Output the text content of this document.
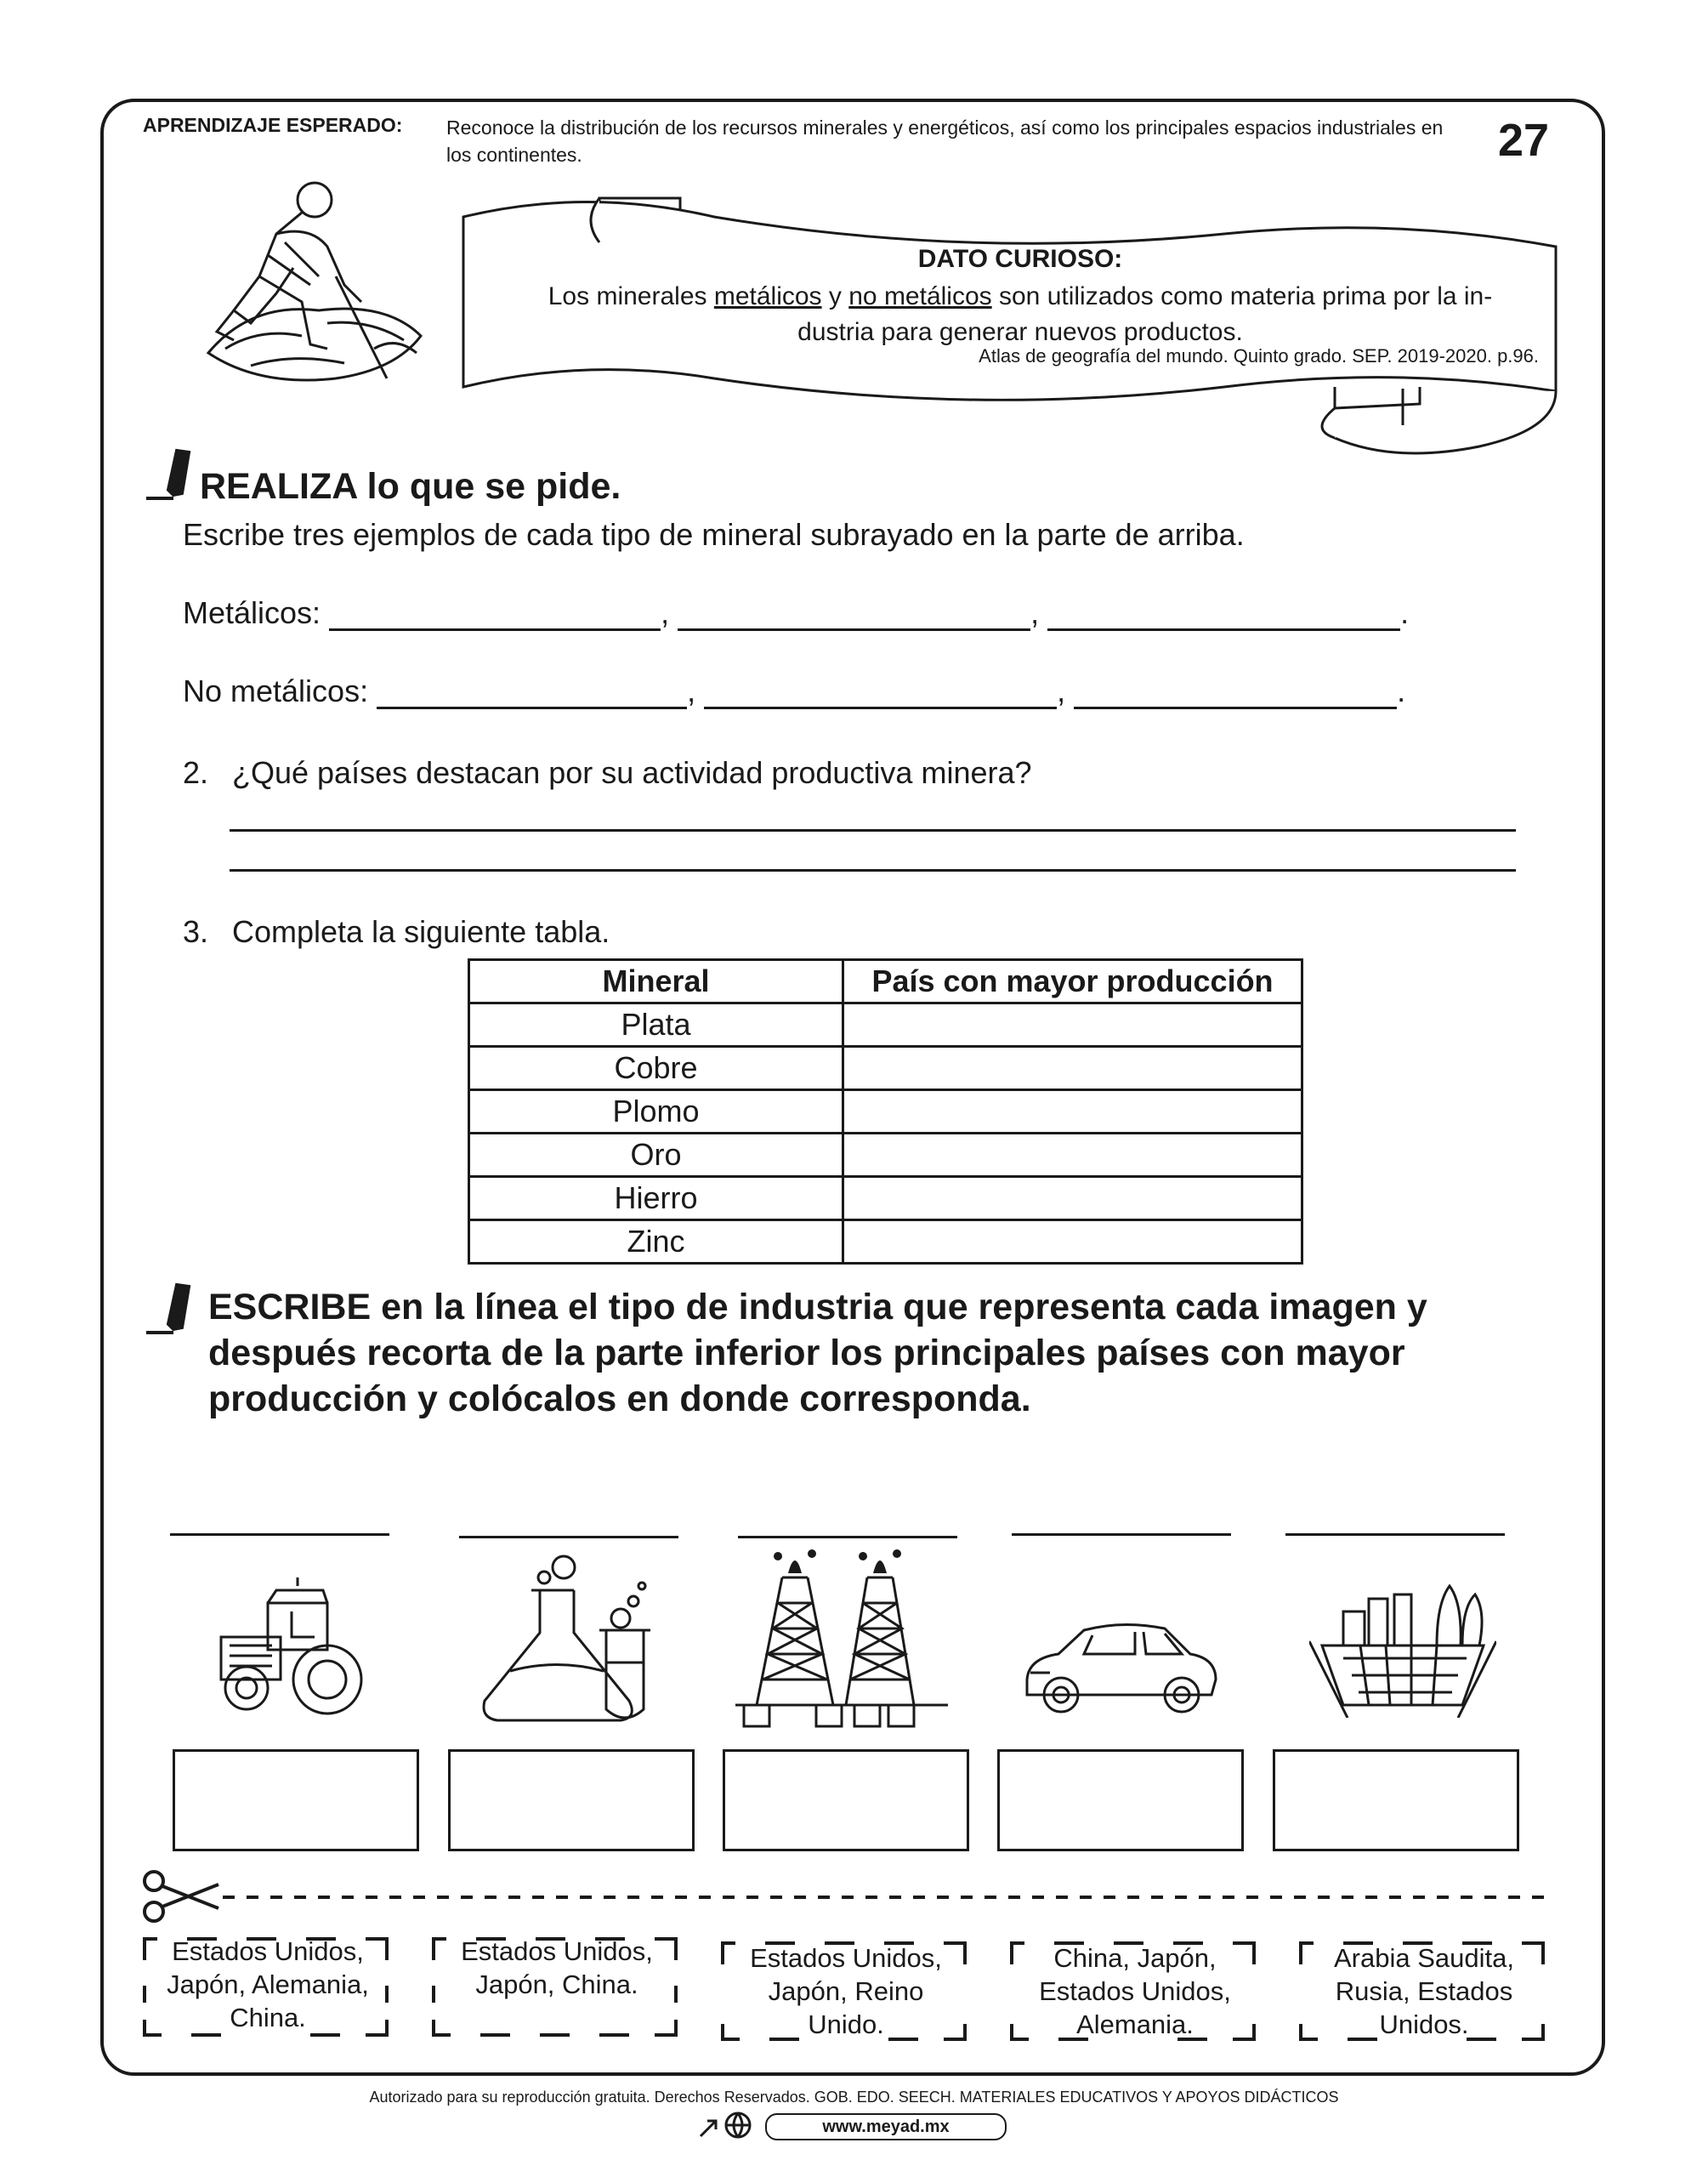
APRENDIZAJE ESPERADO: Reconoce la distribución de los recursos minerales y energéticos, así como los principales espacios industriales en los continentes.	27
DATO CURIOSO:
Los minerales metálicos y no metálicos son utilizados como materia prima por la in-
dustria para generar nuevos productos.
Atlas de geografía del mundo. Quinto grado. SEP. 2019-2020. p.96.
REALIZA lo que se pide.
Escribe tres ejemplos de cada tipo de mineral subrayado en la parte de arriba.
Metálicos:	,	,	.
No metálicos:	,	,	.
2. ¿Qué países destacan por su actividad productiva minera?
3. Completa la siguiente tabla.
Mineral	País con mayor producción
Plata	
Cobre	
Plomo	
Oro	
Hierro	
Zinc	
ESCRIBE en la línea el tipo de industria que representa cada imagen y
después recorta de la parte inferior los principales países con mayor
producción y colócalos en donde corresponda.
Estados Unidos,
Japón, Alemania,
China.
Estados Unidos,
Japón, China.
Estados Unidos,
Japón, Reino
Unido.
China, Japón,
Estados Unidos,
Alemania.
Arabia Saudita,
Rusia, Estados
Unidos.
Autorizado para su reproducción gratuita. Derechos Reservados. GOB. EDO. SEECH. MATERIALES EDUCATIVOS Y APOYOS DIDÁCTICOS
www.meyad.mx
